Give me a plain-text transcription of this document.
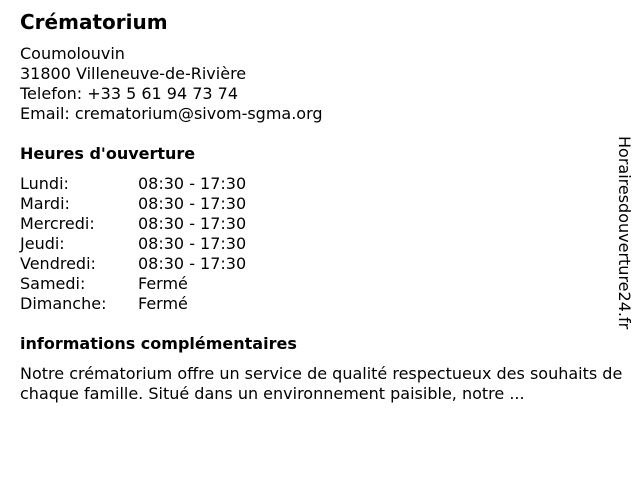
Crématorium
Coumolouvin
31800 Villeneuve-de-Rivière
Telefon: +33 5 61 94 73 74
Email: crematorium@sivom-sgma.org
Heures d'ouverture
Lundi:	08:30 - 17:30
Mardi:	08:30 - 17:30
Mercredi:	08:30 - 17:30
Jeudi:	08:30 - 17:30
Vendredi:	08:30 - 17:30
Samedi:	Fermé
Dimanche: Fermé
informations complémentaires
Notre crématorium offre un service de qualité respectueux des souhaits de chaque famille. Situé dans un environnement paisible, notre ...
Horairesdouverture24.fr
